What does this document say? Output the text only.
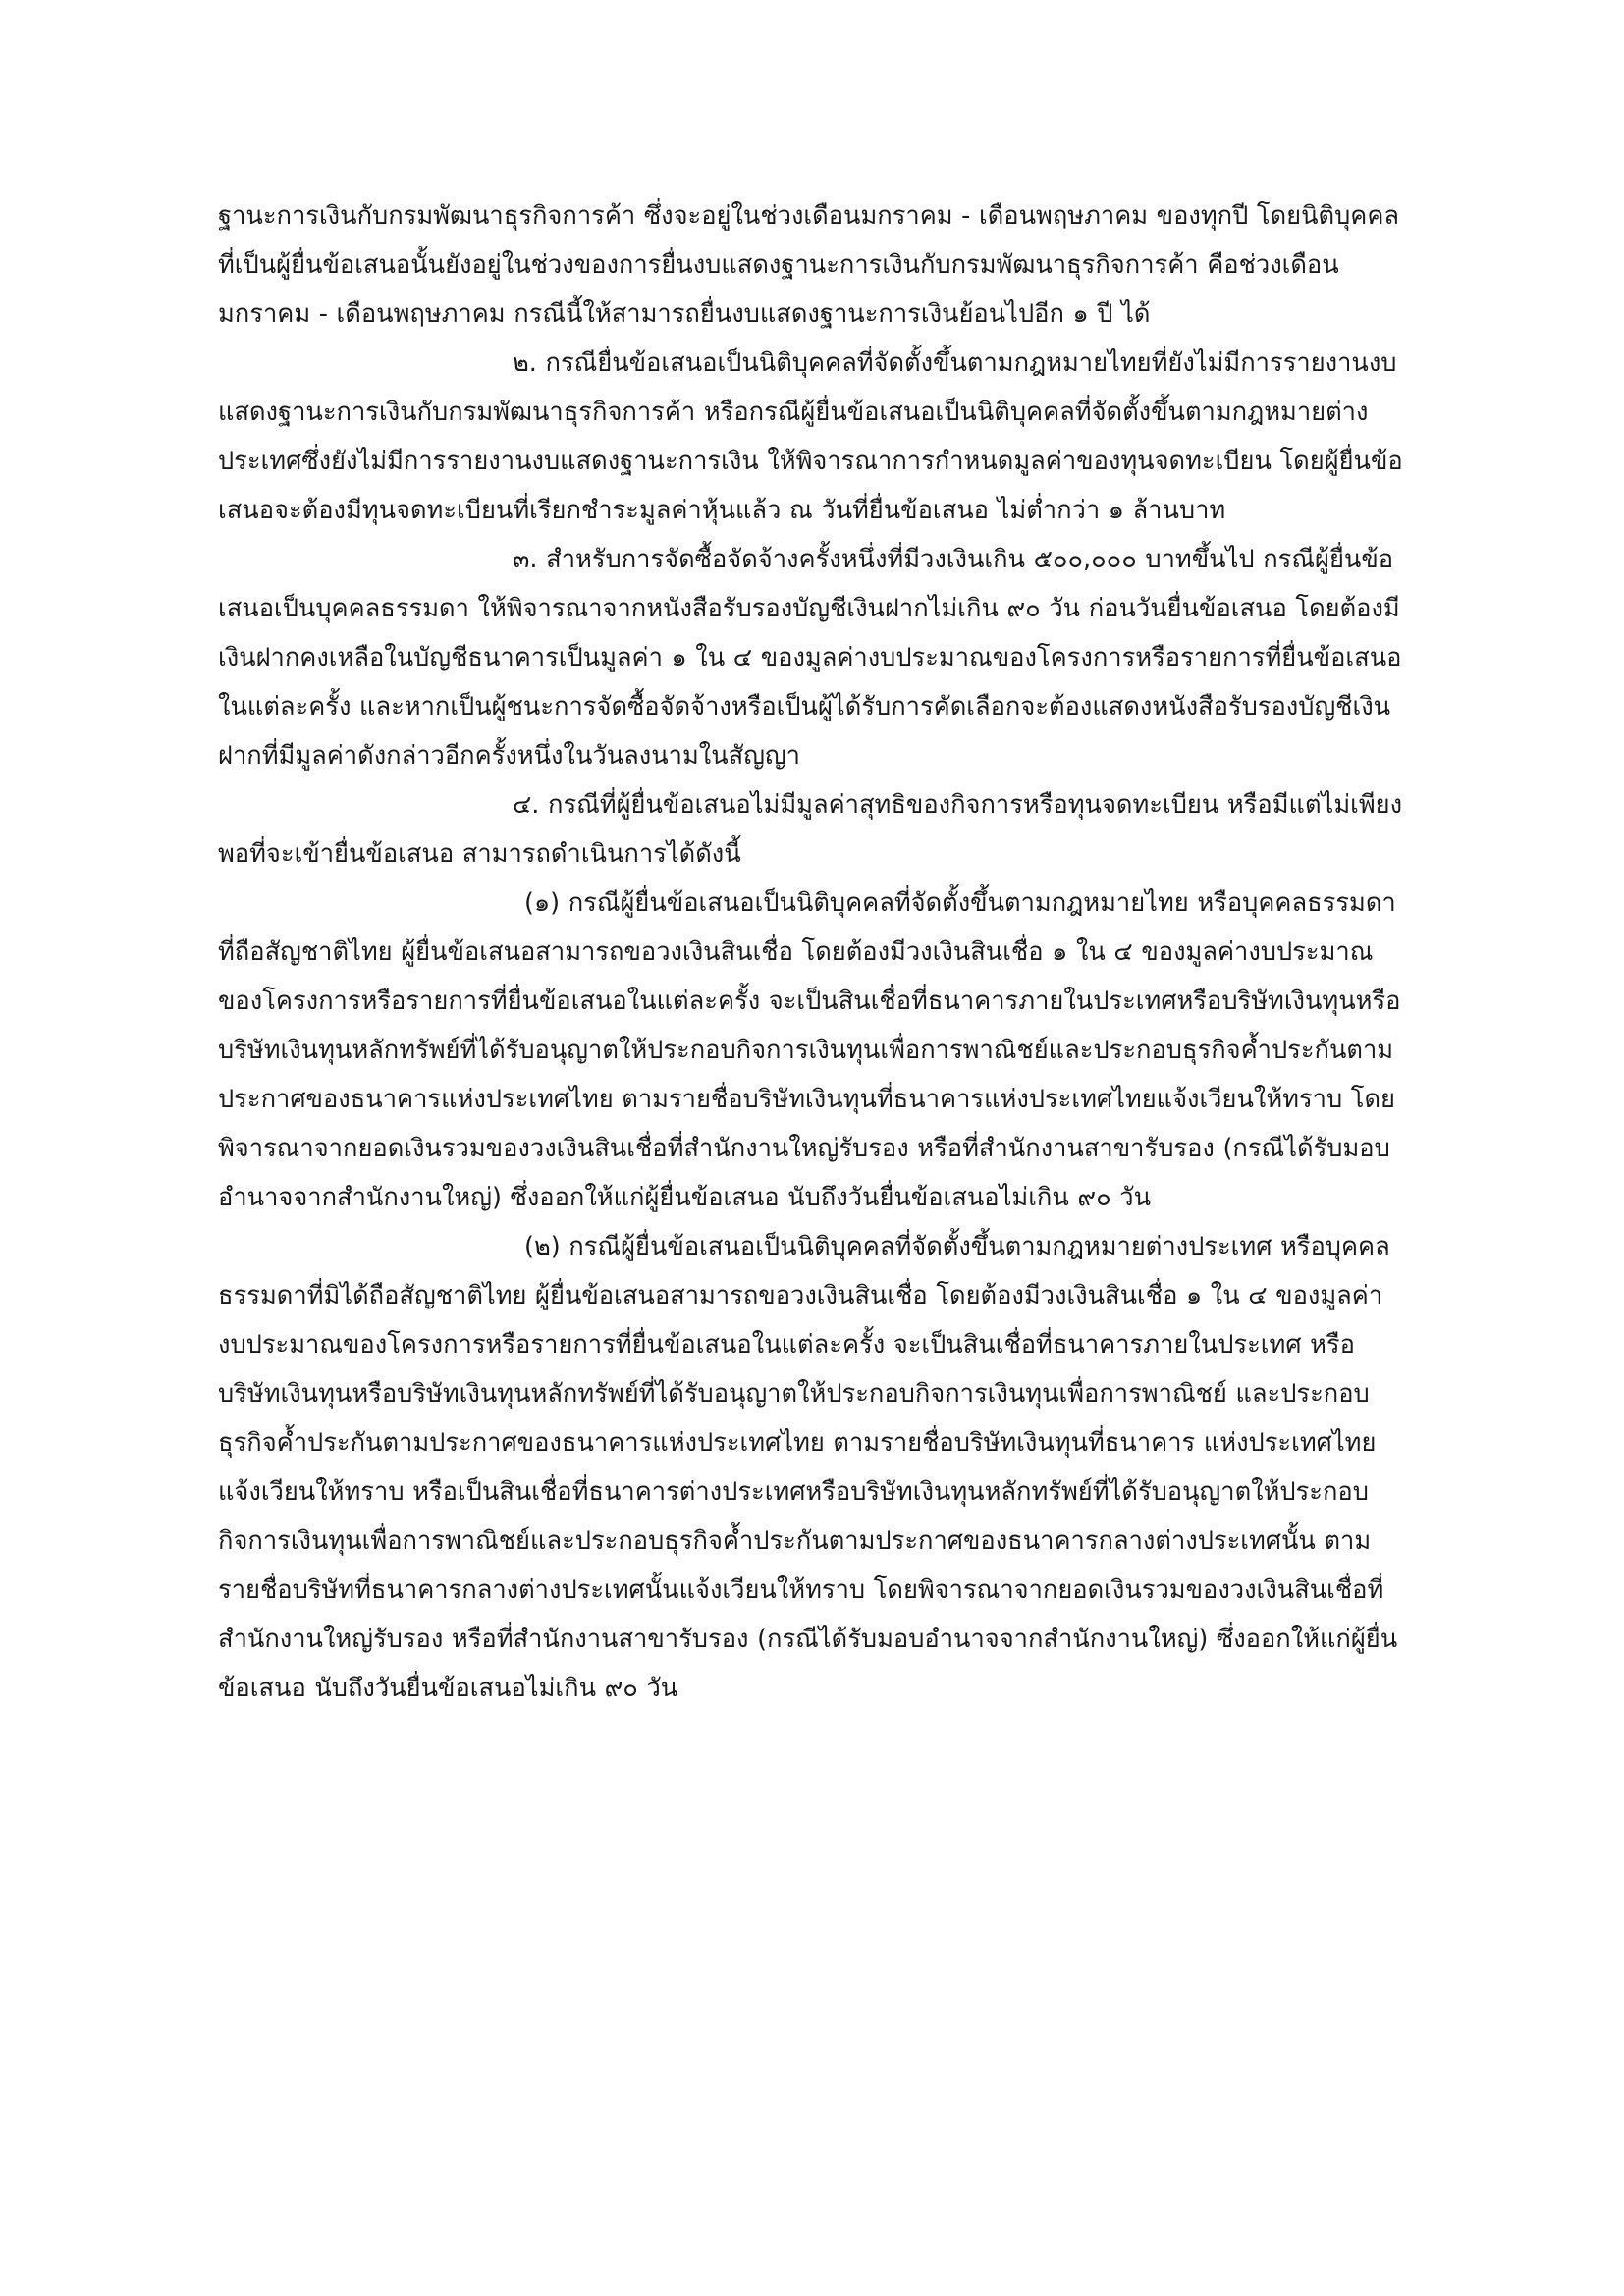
ฐานะการเงินกับกรมพัฒนาธุรกิจการค้า ซึ่งจะอยู่ในช่วงเดือนมกราคม - เดือนพฤษภาคม ของทุกปี โดยนิติบุคคลที่เป็นผู้ยื่นข้อเสนอนั้นยังอยู่ในช่วงของการยื่นงบแสดงฐานะการเงินกับกรมพัฒนาธุรกิจการค้า คือช่วงเดือนมกราคม - เดือนพฤษภาคม กรณีนี้ให้สามารถยื่นงบแสดงฐานะการเงินย้อนไปอีก ๑ ปี ได้

๒. กรณียื่นข้อเสนอเป็นนิติบุคคลที่จัดตั้งขึ้นตามกฎหมายไทยที่ยังไม่มีการรายงานงบแสดงฐานะการเงินกับกรมพัฒนาธุรกิจการค้า หรือกรณีผู้ยื่นข้อเสนอเป็นนิติบุคคลที่จัดตั้งขึ้นตามกฎหมายต่างประเทศซึ่งยังไม่มีการรายงานงบแสดงฐานะการเงิน ให้พิจารณาการกำหนดมูลค่าของทุนจดทะเบียน โดยผู้ยื่นข้อเสนอจะต้องมีทุนจดทะเบียนที่เรียกชำระมูลค่าหุ้นแล้ว ณ วันที่ยื่นข้อเสนอ ไม่ต่ำกว่า ๑ ล้านบาท

๓. สำหรับการจัดซื้อจัดจ้างครั้งหนึ่งที่มีวงเงินเกิน ๕๐๐,๐๐๐ บาทขึ้นไป กรณีผู้ยื่นข้อเสนอเป็นบุคคลธรรมดา ให้พิจารณาจากหนังสือรับรองบัญชีเงินฝากไม่เกิน ๙๐ วัน ก่อนวันยื่นข้อเสนอ โดยต้องมีเงินฝากคงเหลือในบัญชีธนาคารเป็นมูลค่า ๑ ใน ๔ ของมูลค่างบประมาณของโครงการหรือรายการที่ยื่นข้อเสนอในแต่ละครั้ง และหากเป็นผู้ชนะการจัดซื้อจัดจ้างหรือเป็นผู้ได้รับการคัดเลือกจะต้องแสดงหนังสือรับรองบัญชีเงินฝากที่มีมูลค่าดังกล่าวอีกครั้งหนึ่งในวันลงนามในสัญญา

๔. กรณีที่ผู้ยื่นข้อเสนอไม่มีมูลค่าสุทธิของกิจการหรือทุนจดทะเบียน หรือมีแต่ไม่เพียงพอที่จะเข้ายื่นข้อเสนอ สามารถดำเนินการได้ดังนี้

(๑) กรณีผู้ยื่นข้อเสนอเป็นนิติบุคคลที่จัดตั้งขึ้นตามกฎหมายไทย หรือบุคคลธรรมดาที่ถือสัญชาติไทย ผู้ยื่นข้อเสนอสามารถขอวงเงินสินเชื่อ โดยต้องมีวงเงินสินเชื่อ ๑ ใน ๔ ของมูลค่างบประมาณของโครงการหรือรายการที่ยื่นข้อเสนอในแต่ละครั้ง จะเป็นสินเชื่อที่ธนาคารภายในประเทศหรือบริษัทเงินทุนหรือบริษัทเงินทุนหลักทรัพย์ที่ได้รับอนุญาตให้ประกอบกิจการเงินทุนเพื่อการพาณิชย์และประกอบธุรกิจค้ำประกันตามประกาศของธนาคารแห่งประเทศไทย ตามรายชื่อบริษัทเงินทุนที่ธนาคารแห่งประเทศไทยแจ้งเวียนให้ทราบ โดยพิจารณาจากยอดเงินรวมของวงเงินสินเชื่อที่สำนักงานใหญ่รับรอง หรือที่สำนักงานสาขารับรอง (กรณีได้รับมอบอำนาจจากสำนักงานใหญ่) ซึ่งออกให้แก่ผู้ยื่นข้อเสนอ นับถึงวันยื่นข้อเสนอไม่เกิน ๙๐ วัน

(๒) กรณีผู้ยื่นข้อเสนอเป็นนิติบุคคลที่จัดตั้งขึ้นตามกฎหมายต่างประเทศ หรือบุคคลธรรมดาที่มิได้ถือสัญชาติไทย ผู้ยื่นข้อเสนอสามารถขอวงเงินสินเชื่อ โดยต้องมีวงเงินสินเชื่อ ๑ ใน ๔ ของมูลค่างบประมาณของโครงการหรือรายการที่ยื่นข้อเสนอในแต่ละครั้ง จะเป็นสินเชื่อที่ธนาคารภายในประเทศ หรือบริษัทเงินทุนหรือบริษัทเงินทุนหลักทรัพย์ที่ได้รับอนุญาตให้ประกอบกิจการเงินทุนเพื่อการพาณิชย์ และประกอบธุรกิจค้ำประกันตามประกาศของธนาคารแห่งประเทศไทย ตามรายชื่อบริษัทเงินทุนที่ธนาคาร แห่งประเทศไทยแจ้งเวียนให้ทราบ หรือเป็นสินเชื่อที่ธนาคารต่างประเทศหรือบริษัทเงินทุนหลักทรัพย์ที่ได้รับอนุญาตให้ประกอบกิจการเงินทุนเพื่อการพาณิชย์และประกอบธุรกิจค้ำประกันตามประกาศของธนาคารกลางต่างประเทศนั้น ตามรายชื่อบริษัทที่ธนาคารกลางต่างประเทศนั้นแจ้งเวียนให้ทราบ โดยพิจารณาจากยอดเงินรวมของวงเงินสินเชื่อที่สำนักงานใหญ่รับรอง หรือที่สำนักงานสาขารับรอง (กรณีได้รับมอบอำนาจจากสำนักงานใหญ่) ซึ่งออกให้แก่ผู้ยื่นข้อเสนอ นับถึงวันยื่นข้อเสนอไม่เกิน ๙๐ วัน
